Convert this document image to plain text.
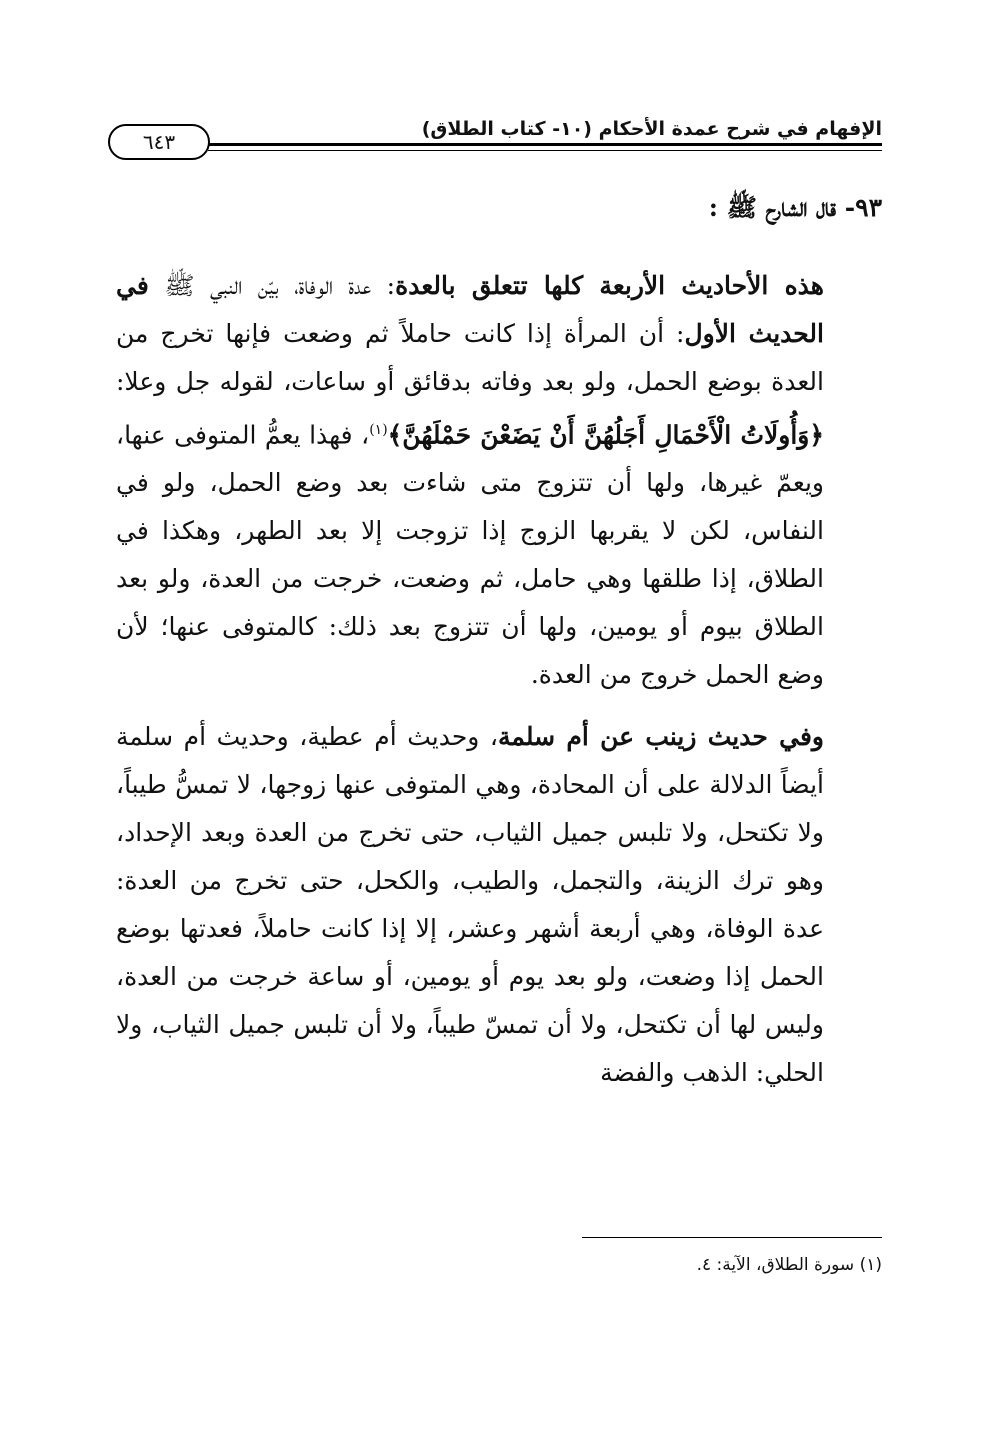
الإفهام في شرح عمدة الأحكام (١٠- كتاب الطلاق)
٦٤٣
٩٣- قال الشارح ﷺ :

هذه الأحاديث الأربعة كلها تتعلق بالعدة: عدة الوفاة، بيّن النبي ﷺ في الحديث الأول: أن المرأة إذا كانت حاملاً ثم وضعت فإنها تخرج من العدة بوضع الحمل، ولو بعد وفاته بدقائق أو ساعات، لقوله جل وعلا: ﴿وَأُولَاتُ الْأَحْمَالِ أَجَلُهُنَّ أَنْ يَضَعْنَ حَمْلَهُنَّ﴾$^{(١)}$، فهذا يعمُّ المتوفى عنها، ويعمّ غيرها، ولها أن تتزوج متى شاءت بعد وضع الحمل، ولو في النفاس، لكن لا يقربها الزوج إذا تزوجت إلا بعد الطهر، وهكذا في الطلاق، إذا طلقها وهي حامل، ثم وضعت، خرجت من العدة، ولو بعد الطلاق بيوم أو يومين، ولها أن تتزوج بعد ذلك: كالمتوفى عنها؛ لأن وضع الحمل خروج من العدة.

وفي حديث زينب عن أم سلمة، وحديث أم عطية، وحديث أم سلمة أيضاً الدلالة على أن المحادة، وهي المتوفى عنها زوجها، لا تمسُّ طيباً، ولا تكتحل، ولا تلبس جميل الثياب، حتى تخرج من العدة وبعد الإحداد، وهو ترك الزينة، والتجمل، والطيب، والكحل، حتى تخرج من العدة: عدة الوفاة، وهي أربعة أشهر وعشر، إلا إذا كانت حاملاً، فعدتها بوضع الحمل إذا وضعت، ولو بعد يوم أو يومين، أو ساعة خرجت من العدة، وليس لها أن تكتحل، ولا أن تمسّ طيباً، ولا أن تلبس جميل الثياب، ولا الحلي: الذهب والفضة

(١) سورة الطلاق، الآية: ٤.
